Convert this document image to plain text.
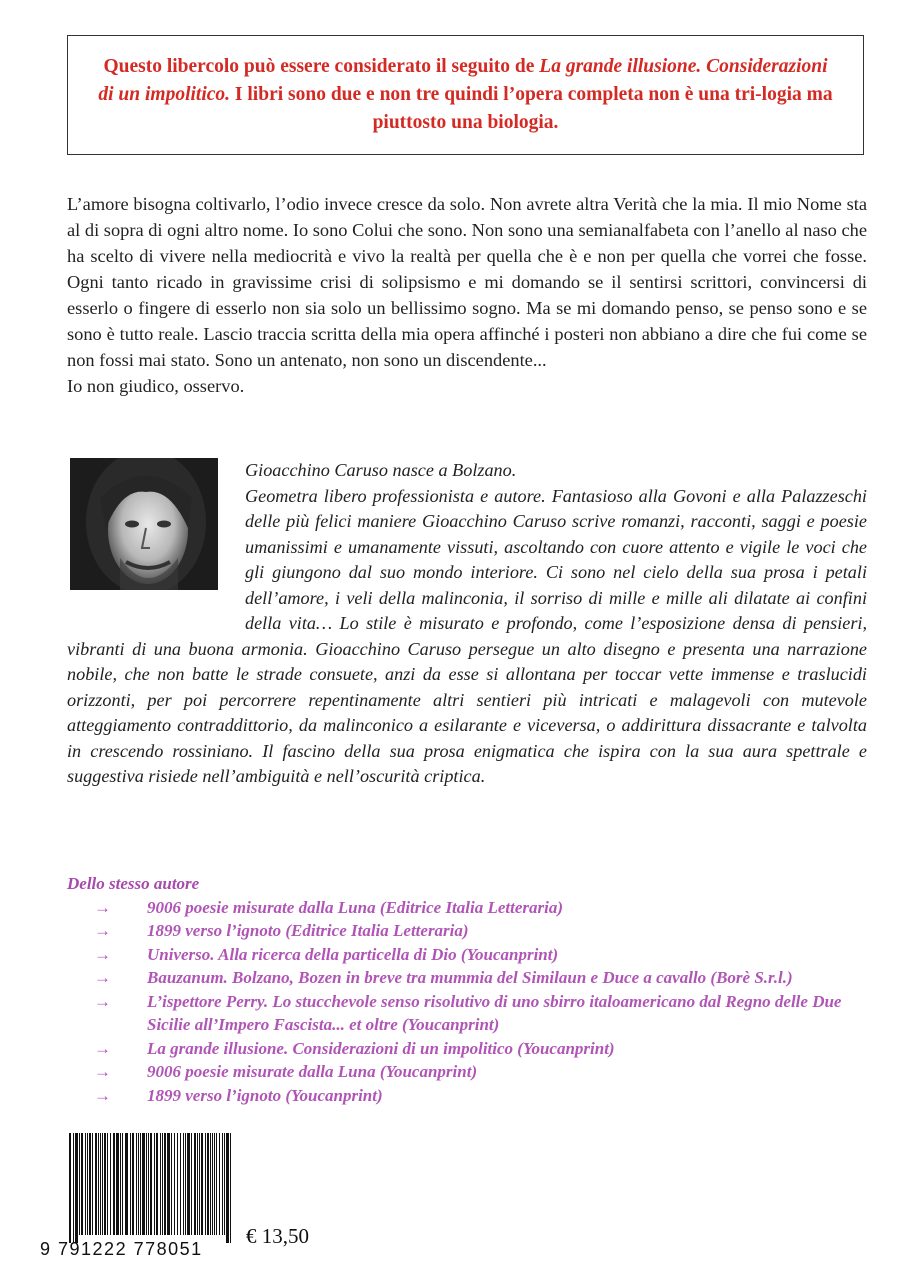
Questo libercolo può essere considerato il seguito de La grande illusione. Considerazioni di un impolitico. I libri sono due e non tre quindi l’opera completa non è una tri-logia ma piuttosto una biologia.

L’amore bisogna coltivarlo, l’odio invece cresce da solo. Non avrete altra Verità che la mia. Il mio Nome sta al di sopra di ogni altro nome. Io sono Colui che sono. Non sono una semianalfabeta con l’anello al naso che ha scelto di vivere nella mediocrità e vivo la realtà per quella che è e non per quella che vorrei che fosse. Ogni tanto ricado in gravissime crisi di solipsismo e mi domando se il sentirsi scrittori, convincersi di esserlo o fingere di esserlo non sia solo un bellissimo sogno. Ma se mi domando penso, se penso sono e se sono è tutto reale. Lascio traccia scritta della mia opera affinché i posteri non abbiano a dire che fui come se non fossi mai stato. Sono un antenato, non sono un discendente...

Io non giudico, osservo.

Gioacchino Caruso nasce a Bolzano.

Geometra libero professionista e autore. Fantasioso alla Govoni e alla Palazzeschi delle più felici maniere Gioacchino Caruso scrive romanzi, racconti, saggi e poesie umanissimi e umanamente vissuti, ascoltando con cuore attento e vigile le voci che gli giungono dal suo mondo interiore. Ci sono nel cielo della sua prosa i petali dell’amore, i veli della malinconia, il sorriso di mille e mille ali dilatate ai confini della vita… Lo stile è misurato e profondo, come l’esposizione densa di pensieri, vibranti di una buona armonia. Gioacchino Caruso persegue un alto disegno e presenta una narrazione nobile, che non batte le strade consuete, anzi da esse si allontana per toccar vette immense e traslucidi orizzonti, per poi percorrere repentinamente altri sentieri più intricati e malagevoli con mutevole atteggiamento contraddittorio, da malinconico a esilarante e viceversa, o addirittura dissacrante e talvolta in crescendo rossiniano. Il fascino della sua prosa enigmatica che ispira con la sua aura spettrale e suggestiva risiede nell’ambiguità e nell’oscurità criptica.

Dello stesso autore

→ 9006 poesie misurate dalla Luna (Editrice Italia Letteraria)
→ 1899 verso l’ignoto (Editrice Italia Letteraria)
→ Universo. Alla ricerca della particella di Dio (Youcanprint)
→ Bauzanum. Bolzano, Bozen in breve tra mummia del Similaun e Duce a cavallo (Borè S.r.l.)
→ L’ispettore Perry. Lo stucchevole senso risolutivo di uno sbirro italoamericano dal Regno delle Due Sicilie all’Impero Fascista... et oltre (Youcanprint)
→ La grande illusione. Considerazioni di un impolitico (Youcanprint)
→ 9006 poesie misurate dalla Luna (Youcanprint)
→ 1899 verso l’ignoto (Youcanprint)
9 791222 778051
€ 13,50
